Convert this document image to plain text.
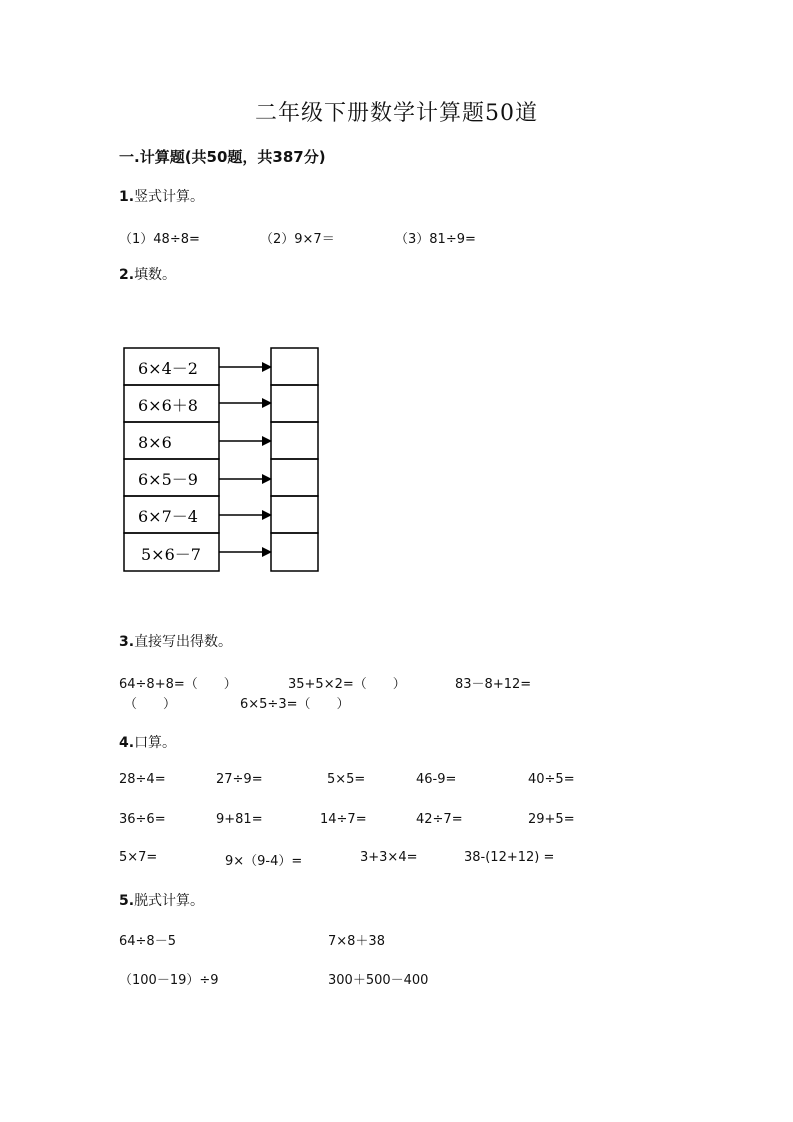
二年级下册数学计算题50道
一.计算题(共50题，共387分)
1.竖式计算。
（1）48÷8=	（2）9×7＝	（3）81÷9=
2.填数。
6×4－2
6×6＋8
8×6
6×5－9
6×7－4
5×6－7
3.直接写出得数。
64÷8+8=（　　）	35+5×2=（　　）	83－8+12=
（　　）	6×5÷3=（　　）
4.口算。
28÷4=	27÷9=	5×5=	46-9=	40÷5=
36÷6=	9+81=	14÷7=	42÷7=	29+5=
5×7=	9×（9-4）=	3+3×4=	38-(12+12) =
5.脱式计算。
64÷8－5	7×8＋38
（100－19）÷9	300＋500－400
